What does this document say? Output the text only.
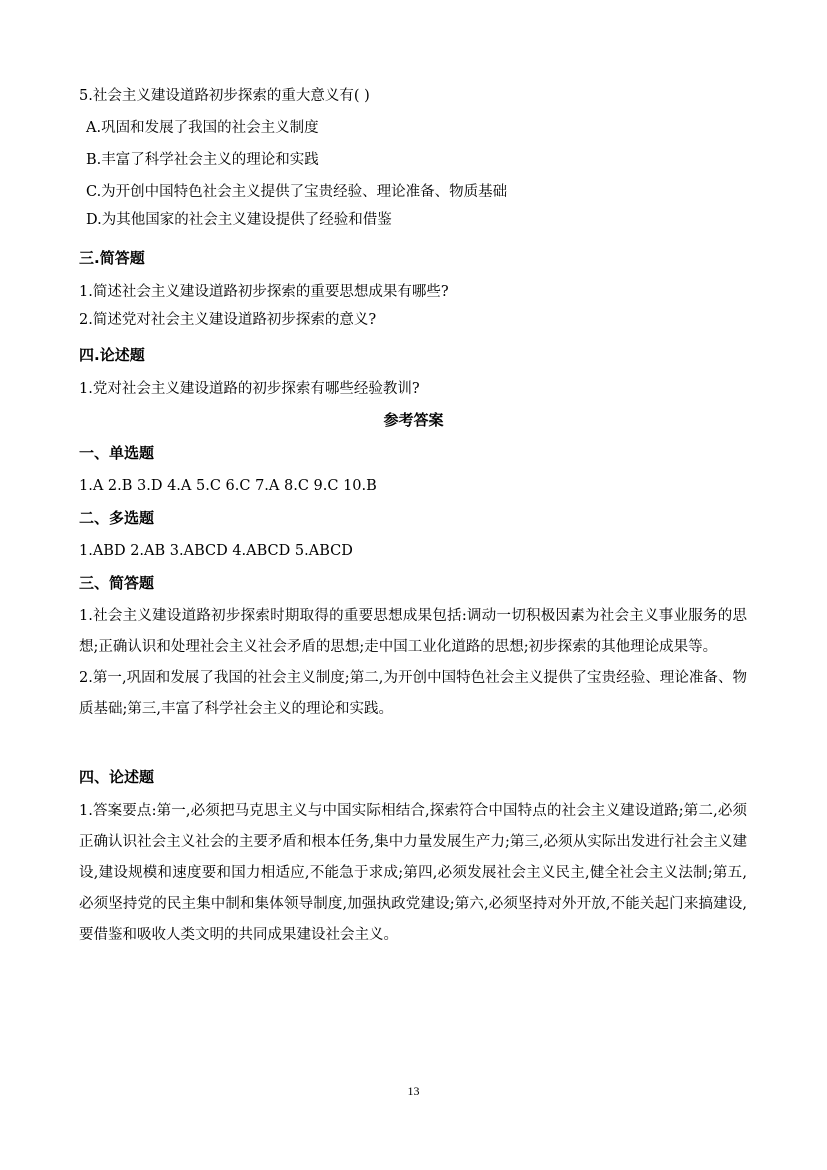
5.社会主义建设道路初步探索的重大意义有( )
A.巩固和发展了我国的社会主义制度
B.丰富了科学社会主义的理论和实践
C.为开创中国特色社会主义提供了宝贵经验、理论准备、物质基础
D.为其他国家的社会主义建设提供了经验和借鉴
三.简答题
1.简述社会主义建设道路初步探索的重要思想成果有哪些?
2.简述党对社会主义建设道路初步探索的意义?
四.论述题
1.党对社会主义建设道路的初步探索有哪些经验教训?
参考答案
一、单选题
1.A 2.B 3.D 4.A 5.C 6.C 7.A 8.C 9.C 10.B
二、多选题
1.ABD 2.AB 3.ABCD 4.ABCD 5.ABCD
三、简答题

1.社会主义建设道路初步探索时期取得的重要思想成果包括:调动一切积极因素为社会主义事业服务的思想;正确认识和处理社会主义社会矛盾的思想;走中国工业化道路的思想;初步探索的其他理论成果等。

2.第一,巩固和发展了我国的社会主义制度;第二,为开创中国特色社会主义提供了宝贵经验、理论准备、物质基础;第三,丰富了科学社会主义的理论和实践。

四、论述题

1.答案要点:第一,必须把马克思主义与中国实际相结合,探索符合中国特点的社会主义建设道路;第二,必须正确认识社会主义社会的主要矛盾和根本任务,集中力量发展生产力;第三,必须从实际出发进行社会主义建设,建设规模和速度要和国力相适应,不能急于求成;第四,必须发展社会主义民主,健全社会主义法制;第五,必须坚持党的民主集中制和集体领导制度,加强执政党建设;第六,必须坚持对外开放,不能关起门来搞建设,要借鉴和吸收人类文明的共同成果建设社会主义。

13
